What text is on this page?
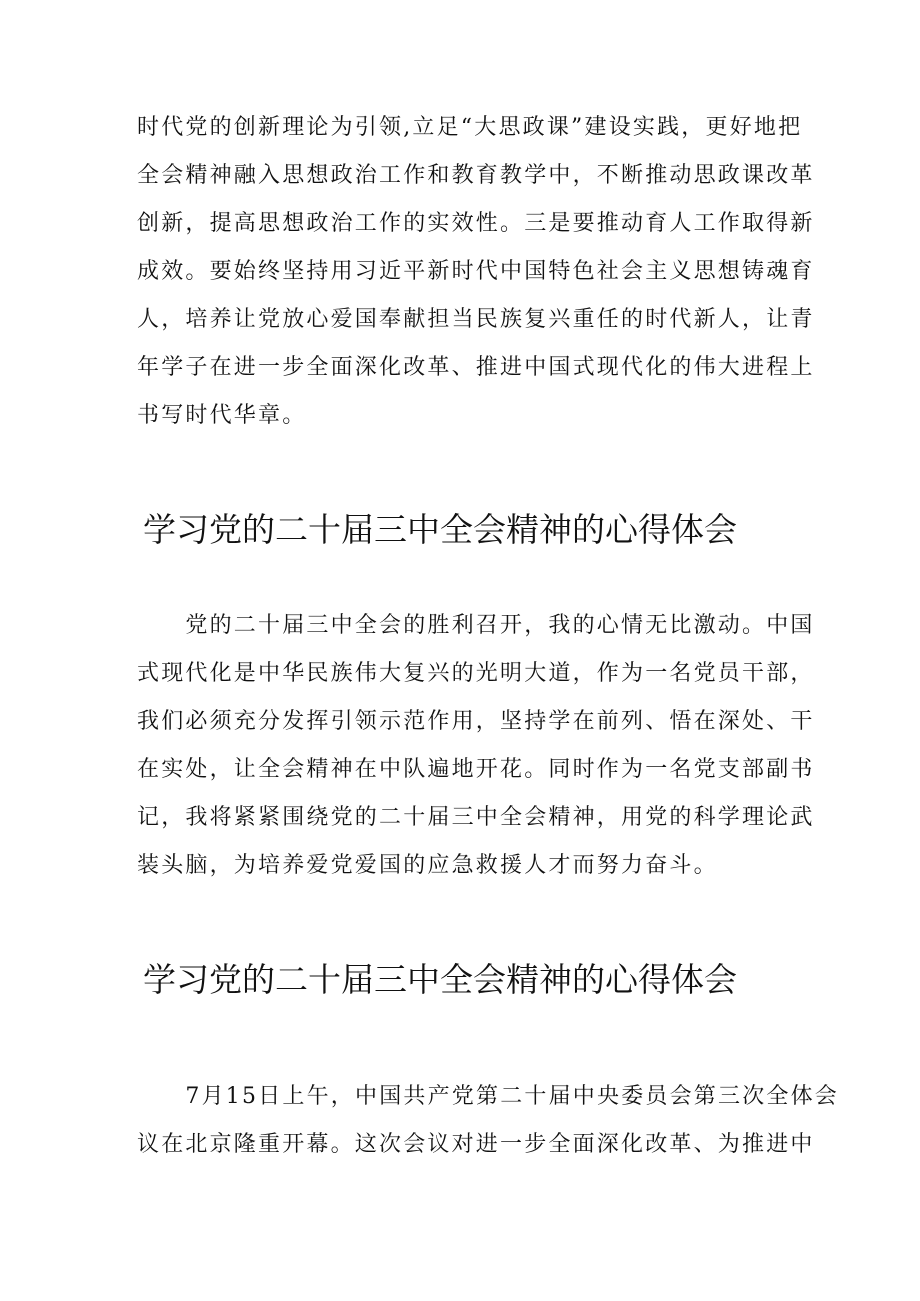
时代党的创新理论为引领,立足“大思政课”建设实践，更好地把
全会精神融入思想政治工作和教育教学中，不断推动思政课改革
创新，提高思想政治工作的实效性。三是要推动育人工作取得新
成效。要始终坚持用习近平新时代中国特色社会主义思想铸魂育
人，培养让党放心爱国奉献担当民族复兴重任的时代新人，让青
年学子在进一步全面深化改革、推进中国式现代化的伟大进程上
书写时代华章。
学习党的二十届三中全会精神的心得体会
　　党的二十届三中全会的胜利召开，我的心情无比激动。中国
式现代化是中华民族伟大复兴的光明大道，作为一名党员干部，
我们必须充分发挥引领示范作用，坚持学在前列、悟在深处、干
在实处，让全会精神在中队遍地开花。同时作为一名党支部副书
记，我将紧紧围绕党的二十届三中全会精神，用党的科学理论武
装头脑，为培养爱党爱国的应急救援人才而努力奋斗。
学习党的二十届三中全会精神的心得体会
　　7月15日上午，中国共产党第二十届中央委员会第三次全体会
议在北京隆重开幕。这次会议对进一步全面深化改革、为推进中
